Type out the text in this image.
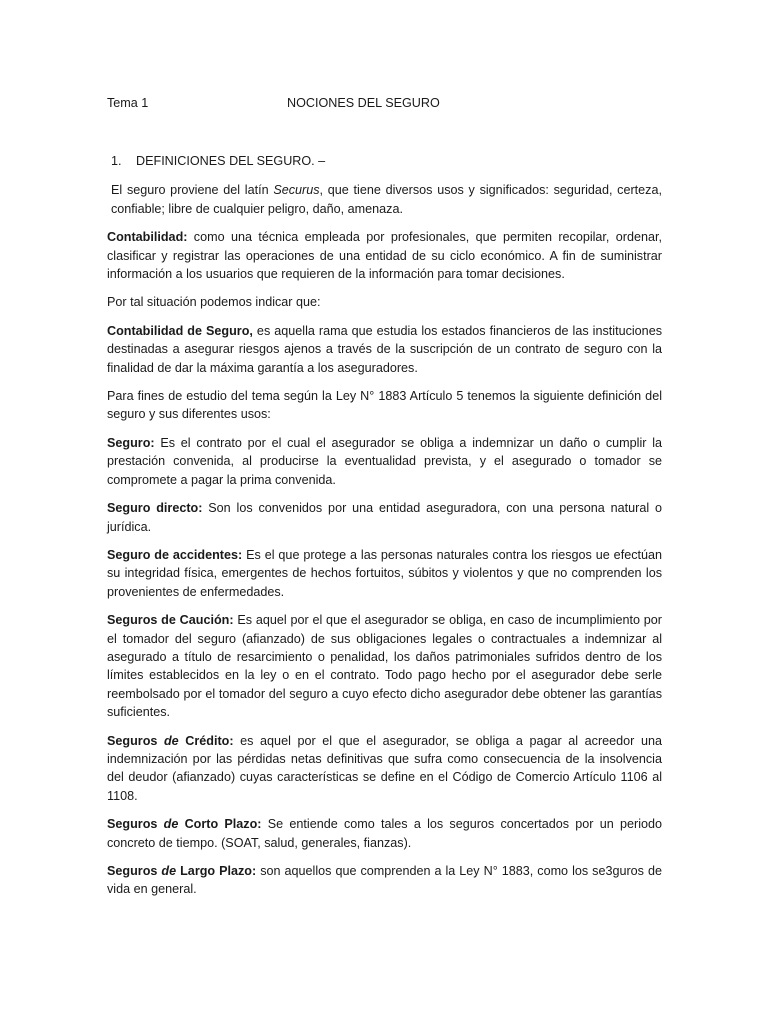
Tema 1	NOCIONES DEL SEGURO
1.	DEFINICIONES DEL SEGURO. –

El seguro proviene del latín Securus, que tiene diversos usos y significados: seguridad, certeza, confiable; libre de cualquier peligro, daño, amenaza.

Contabilidad: como una técnica empleada por profesionales, que permiten recopilar, ordenar, clasificar y registrar las operaciones de una entidad de su ciclo económico. A fin de suministrar información a los usuarios que requieren de la información para tomar decisiones.

Por tal situación podemos indicar que:

Contabilidad de Seguro, es aquella rama que estudia los estados financieros de las instituciones destinadas a asegurar riesgos ajenos a través de la suscripción de un contrato de seguro con la finalidad de dar la máxima garantía a los aseguradores.

Para fines de estudio del tema según la Ley N° 1883 Artículo 5 tenemos la siguiente definición del seguro y sus diferentes usos:

Seguro: Es el contrato por el cual el asegurador se obliga a indemnizar un daño o cumplir la prestación convenida, al producirse la eventualidad prevista, y el asegurado o tomador se compromete a pagar la prima convenida.

Seguro directo: Son los convenidos por una entidad aseguradora, con una persona natural o jurídica.

Seguro de accidentes: Es el que protege a las personas naturales contra los riesgos ue efectúan su integridad física, emergentes de hechos fortuitos, súbitos y violentos y que no comprenden los provenientes de enfermedades.

Seguros de Caución: Es aquel por el que el asegurador se obliga, en caso de incumplimiento por el tomador del seguro (afianzado) de sus obligaciones legales o contractuales a indemnizar al asegurado a título de resarcimiento o penalidad, los daños patrimoniales sufridos dentro de los límites establecidos en la ley o en el contrato. Todo pago hecho por el asegurador debe serle reembolsado por el tomador del seguro a cuyo efecto dicho asegurador debe obtener las garantías suficientes.

Seguros de Crédito: es aquel por el que el asegurador, se obliga a pagar al acreedor una indemnización por las pérdidas netas definitivas que sufra como consecuencia de la insolvencia del deudor (afianzado) cuyas características se define en el Código de Comercio Artículo 1106 al 1108.

Seguros de Corto Plazo: Se entiende como tales a los seguros concertados por un periodo concreto de tiempo. (SOAT, salud, generales, fianzas).

Seguros de Largo Plazo: son aquellos que comprenden a la Ley N° 1883, como los se3guros de vida en general.
